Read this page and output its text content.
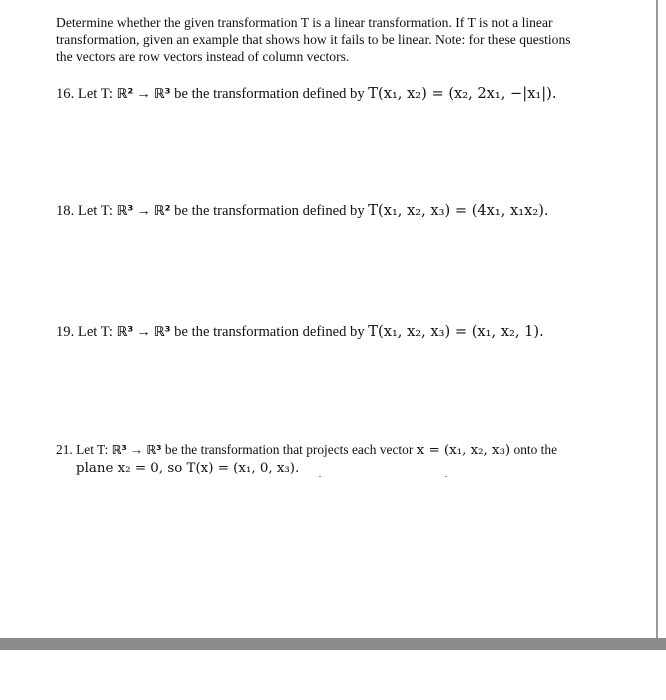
Determine whether the given transformation T is a linear transformation. If T is not a linear transformation, given an example that shows how it fails to be linear. Note: for these questions the vectors are row vectors instead of column vectors.

16. Let T: ℝ² → ℝ³ be the transformation defined by T(x₁, x₂) = (x₂, 2x₁, −|x₁|).

18. Let T: ℝ³ → ℝ² be the transformation defined by T(x₁, x₂, x₃) = (4x₁, x₁x₂).

19. Let T: ℝ³ → ℝ³ be the transformation defined by T(x₁, x₂, x₃) = (x₁, x₂, 1).

21. Let T: ℝ³ → ℝ³ be the transformation that projects each vector x = (x₁, x₂, x₃) onto the
plane x₂ = 0, so T(x) = (x₁, 0, x₃).
